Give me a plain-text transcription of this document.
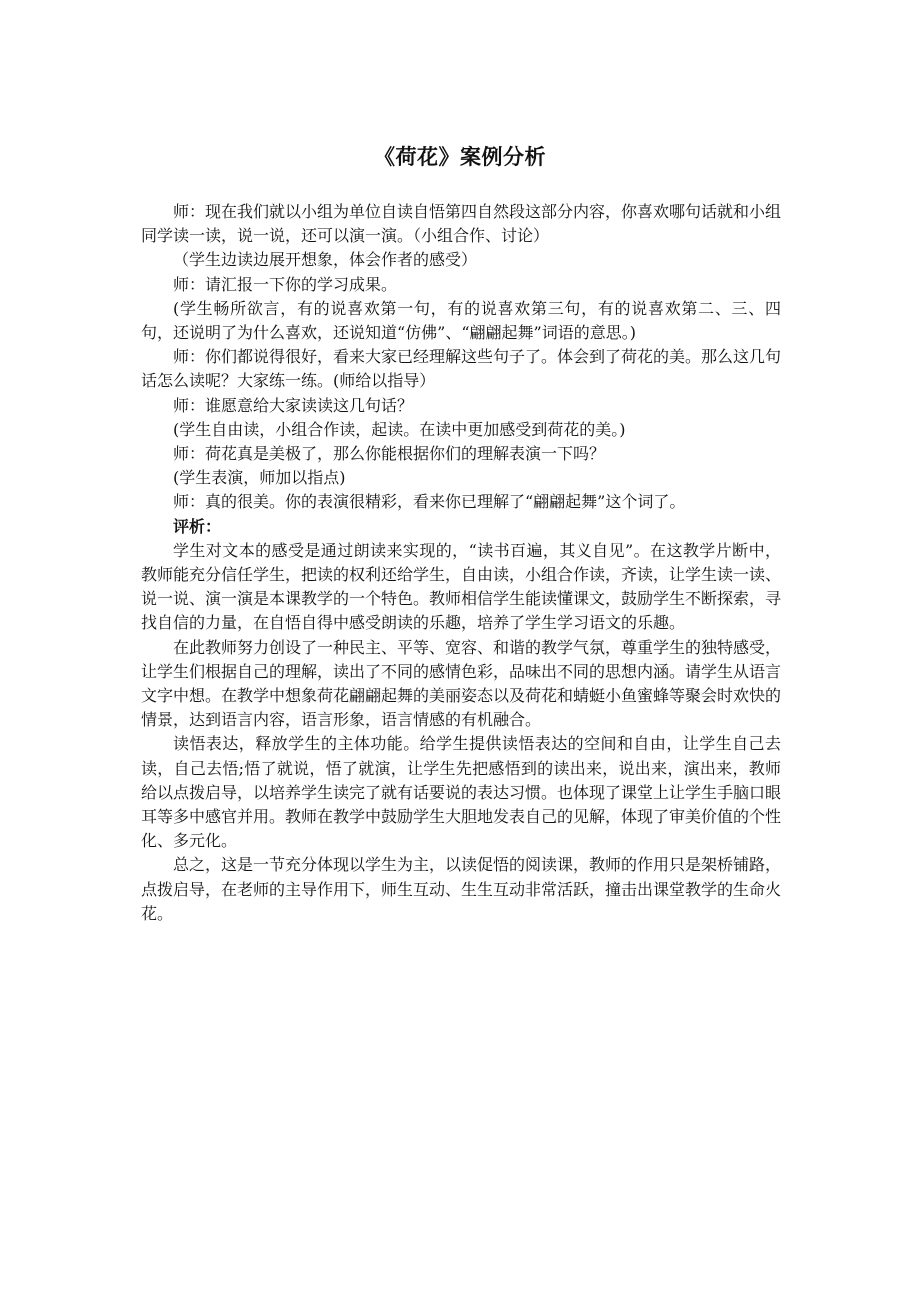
《荷花》案例分析

师：现在我们就以小组为单位自读自悟第四自然段这部分内容，你喜欢哪句话就和小组同学读一读，说一说，还可以演一演。（小组合作、讨论）

（学生边读边展开想象，体会作者的感受）

师：请汇报一下你的学习成果。

(学生畅所欲言，有的说喜欢第一句，有的说喜欢第三句，有的说喜欢第二、三、四句，还说明了为什么喜欢，还说知道“仿佛”、“翩翩起舞”词语的意思。)

师：你们都说得很好，看来大家已经理解这些句子了。体会到了荷花的美。那么这几句话怎么读呢？大家练一练。(师给以指导）

师：谁愿意给大家读读这几句话？

(学生自由读，小组合作读，起读。在读中更加感受到荷花的美。)

师：荷花真是美极了，那么你能根据你们的理解表演一下吗？

(学生表演，师加以指点)

师：真的很美。你的表演很精彩，看来你已理解了“翩翩起舞”这个词了。

评析：

学生对文本的感受是通过朗读来实现的，“读书百遍，其义自见”。在这教学片断中，教师能充分信任学生，把读的权利还给学生，自由读，小组合作读，齐读，让学生读一读、说一说、演一演是本课教学的一个特色。教师相信学生能读懂课文，鼓励学生不断探索，寻找自信的力量，在自悟自得中感受朗读的乐趣，培养了学生学习语文的乐趣。

在此教师努力创设了一种民主、平等、宽容、和谐的教学气氛，尊重学生的独特感受，让学生们根据自己的理解，读出了不同的感情色彩，品味出不同的思想内涵。请学生从语言文字中想。在教学中想象荷花翩翩起舞的美丽姿态以及荷花和蜻蜓小鱼蜜蜂等聚会时欢快的情景，达到语言内容，语言形象，语言情感的有机融合。

读悟表达，释放学生的主体功能。给学生提供读悟表达的空间和自由，让学生自己去读，自己去悟;悟了就说，悟了就演，让学生先把感悟到的读出来，说出来，演出来，教师给以点拨启导，以培养学生读完了就有话要说的表达习惯。也体现了课堂上让学生手脑口眼耳等多中感官并用。教师在教学中鼓励学生大胆地发表自己的见解，体现了审美价值的个性化、多元化。

总之，这是一节充分体现以学生为主，以读促悟的阅读课，教师的作用只是架桥铺路，点拨启导，在老师的主导作用下，师生互动、生生互动非常活跃，撞击出课堂教学的生命火花。
